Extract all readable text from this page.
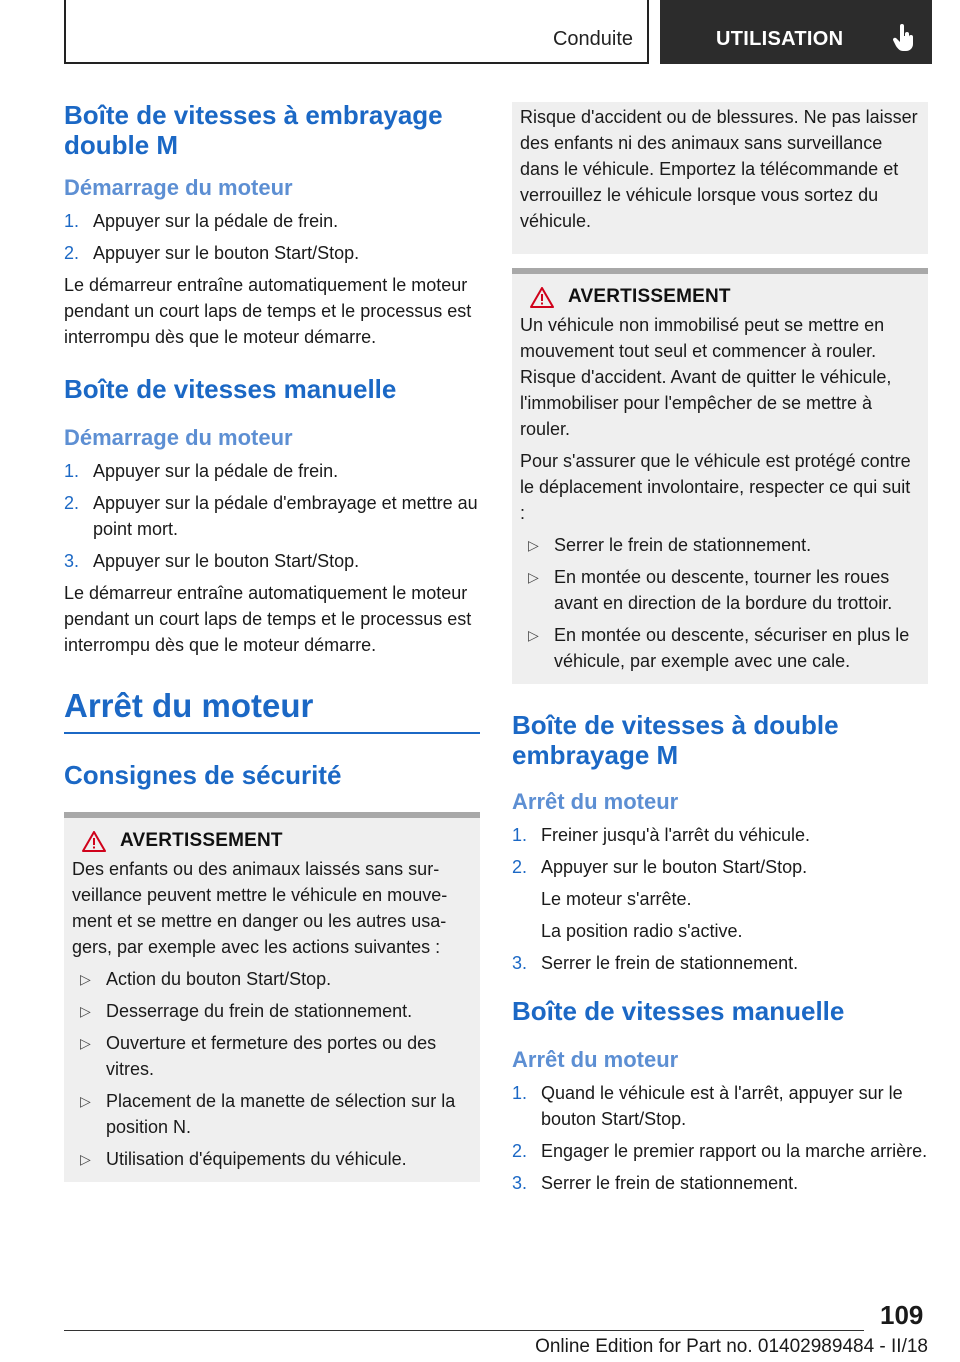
Conduite	UTILISATION
Boîte de vitesses à embrayage double M
Démarrage du moteur
1. Appuyer sur la pédale de frein.
2. Appuyer sur le bouton Start/Stop.
Le démarreur entraîne automatiquement le moteur pendant un court laps de temps et le processus est interrompu dès que le moteur démarre.
Boîte de vitesses manuelle
Démarrage du moteur
1. Appuyer sur la pédale de frein.
2. Appuyer sur la pédale d'embrayage et mettre au point mort.
3. Appuyer sur le bouton Start/Stop.
Le démarreur entraîne automatiquement le moteur pendant un court laps de temps et le processus est interrompu dès que le moteur démarre.
Arrêt du moteur
Consignes de sécurité
AVERTISSEMENT
Des enfants ou des animaux laissés sans surveillance peuvent mettre le véhicule en mouvement et se mettre en danger ou les autres usagers, par exemple avec les actions suivantes :
▷ Action du bouton Start/Stop.
▷ Desserrage du frein de stationnement.
▷ Ouverture et fermeture des portes ou des vitres.
▷ Placement de la manette de sélection sur la position N.
▷ Utilisation d'équipements du véhicule.
Risque d'accident ou de blessures. Ne pas laisser des enfants ni des animaux sans surveillance dans le véhicule. Emportez la télécommande et verrouillez le véhicule lorsque vous sortez du véhicule.
AVERTISSEMENT
Un véhicule non immobilisé peut se mettre en mouvement tout seul et commencer à rouler. Risque d'accident. Avant de quitter le véhicule, l'immobiliser pour l'empêcher de se mettre à rouler.
Pour s'assurer que le véhicule est protégé contre le déplacement involontaire, respecter ce qui suit :
▷ Serrer le frein de stationnement.
▷ En montée ou descente, tourner les roues avant en direction de la bordure du trottoir.
▷ En montée ou descente, sécuriser en plus le véhicule, par exemple avec une cale.
Boîte de vitesses à double embrayage M
Arrêt du moteur
1. Freiner jusqu'à l'arrêt du véhicule.
2. Appuyer sur le bouton Start/Stop.
Le moteur s'arrête.
La position radio s'active.
3. Serrer le frein de stationnement.
Boîte de vitesses manuelle
Arrêt du moteur
1. Quand le véhicule est à l'arrêt, appuyer sur le bouton Start/Stop.
2. Engager le premier rapport ou la marche arrière.
3. Serrer le frein de stationnement.
109
Online Edition for Part no. 01402989484 - II/18
